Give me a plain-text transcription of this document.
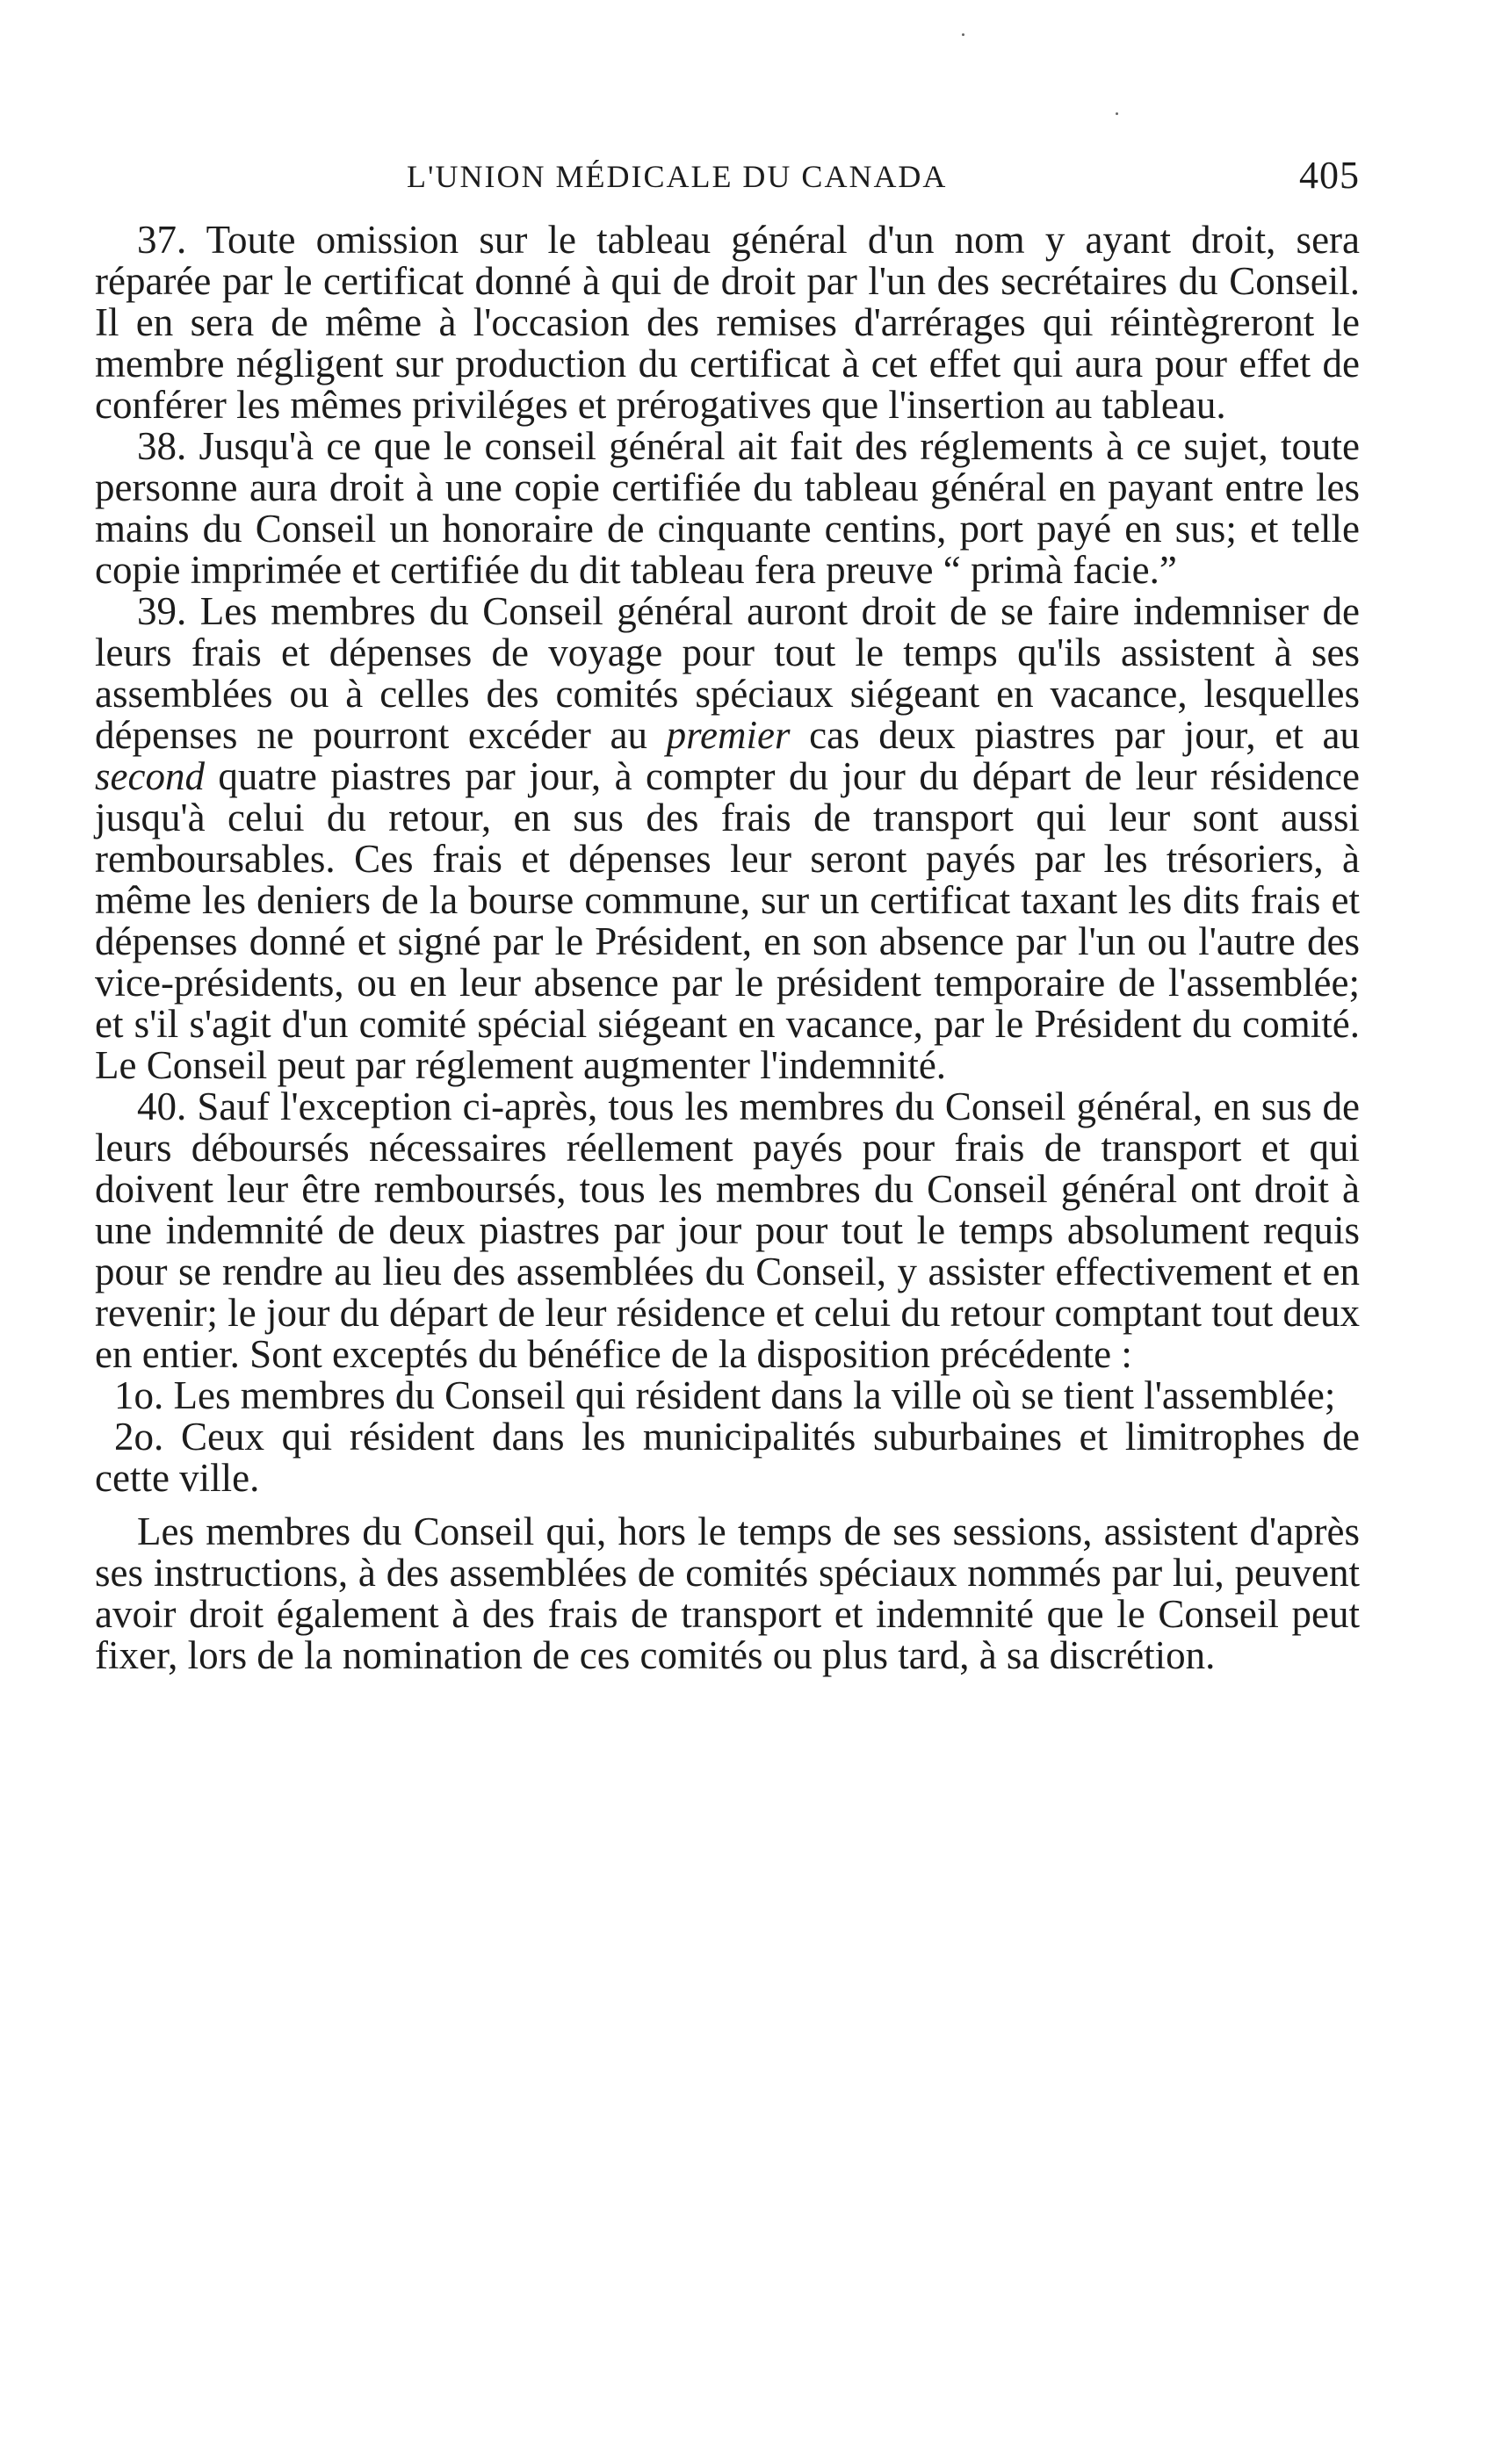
L'UNION MÉDICALE DU CANADA	405

37. Toute omission sur le tableau général d'un nom y ayant droit, sera réparée par le certificat donné à qui de droit par l'un des secrétaires du Conseil. Il en sera de même à l'occasion des remises d'arrérages qui réintègreront le membre négligent sur production du certificat à cet effet qui aura pour effet de conférer les mêmes priviléges et prérogatives que l'insertion au tableau.

38. Jusqu'à ce que le conseil général ait fait des réglements à ce sujet, toute personne aura droit à une copie certifiée du tableau général en payant entre les mains du Conseil un honoraire de cinquante centins, port payé en sus; et telle copie imprimée et certifiée du dit tableau fera preuve “ primà facie.”

39. Les membres du Conseil général auront droit de se faire indemniser de leurs frais et dépenses de voyage pour tout le temps qu'ils assistent à ses assemblées ou à celles des comités spéciaux siégeant en vacance, lesquelles dépenses ne pourront excéder au premier cas deux piastres par jour, et au second quatre piastres par jour, à compter du jour du départ de leur résidence jusqu'à celui du retour, en sus des frais de transport qui leur sont aussi remboursables. Ces frais et dépenses leur seront payés par les trésoriers, à même les deniers de la bourse commune, sur un certificat taxant les dits frais et dépenses donné et signé par le Président, en son absence par l'un ou l'autre des vice-présidents, ou en leur absence par le président temporaire de l'assemblée; et s'il s'agit d'un comité spécial siégeant en vacance, par le Président du comité. Le Conseil peut par réglement augmenter l'indemnité.

40. Sauf l'exception ci-après, tous les membres du Conseil général, en sus de leurs déboursés nécessaires réellement payés pour frais de transport et qui doivent leur être remboursés, tous les membres du Conseil général ont droit à une indemnité de deux piastres par jour pour tout le temps absolument requis pour se rendre au lieu des assemblées du Conseil, y assister effectivement et en revenir; le jour du départ de leur résidence et celui du retour comptant tout deux en entier. Sont exceptés du bénéfice de la disposition précédente :

1o. Les membres du Conseil qui résident dans la ville où se tient l'assemblée;

2o. Ceux qui résident dans les municipalités suburbaines et limitrophes de cette ville.

Les membres du Conseil qui, hors le temps de ses sessions, assistent d'après ses instructions, à des assemblées de comités spéciaux nommés par lui, peuvent avoir droit également à des frais de transport et indemnité que le Conseil peut fixer, lors de la nomination de ces comités ou plus tard, à sa discrétion.
